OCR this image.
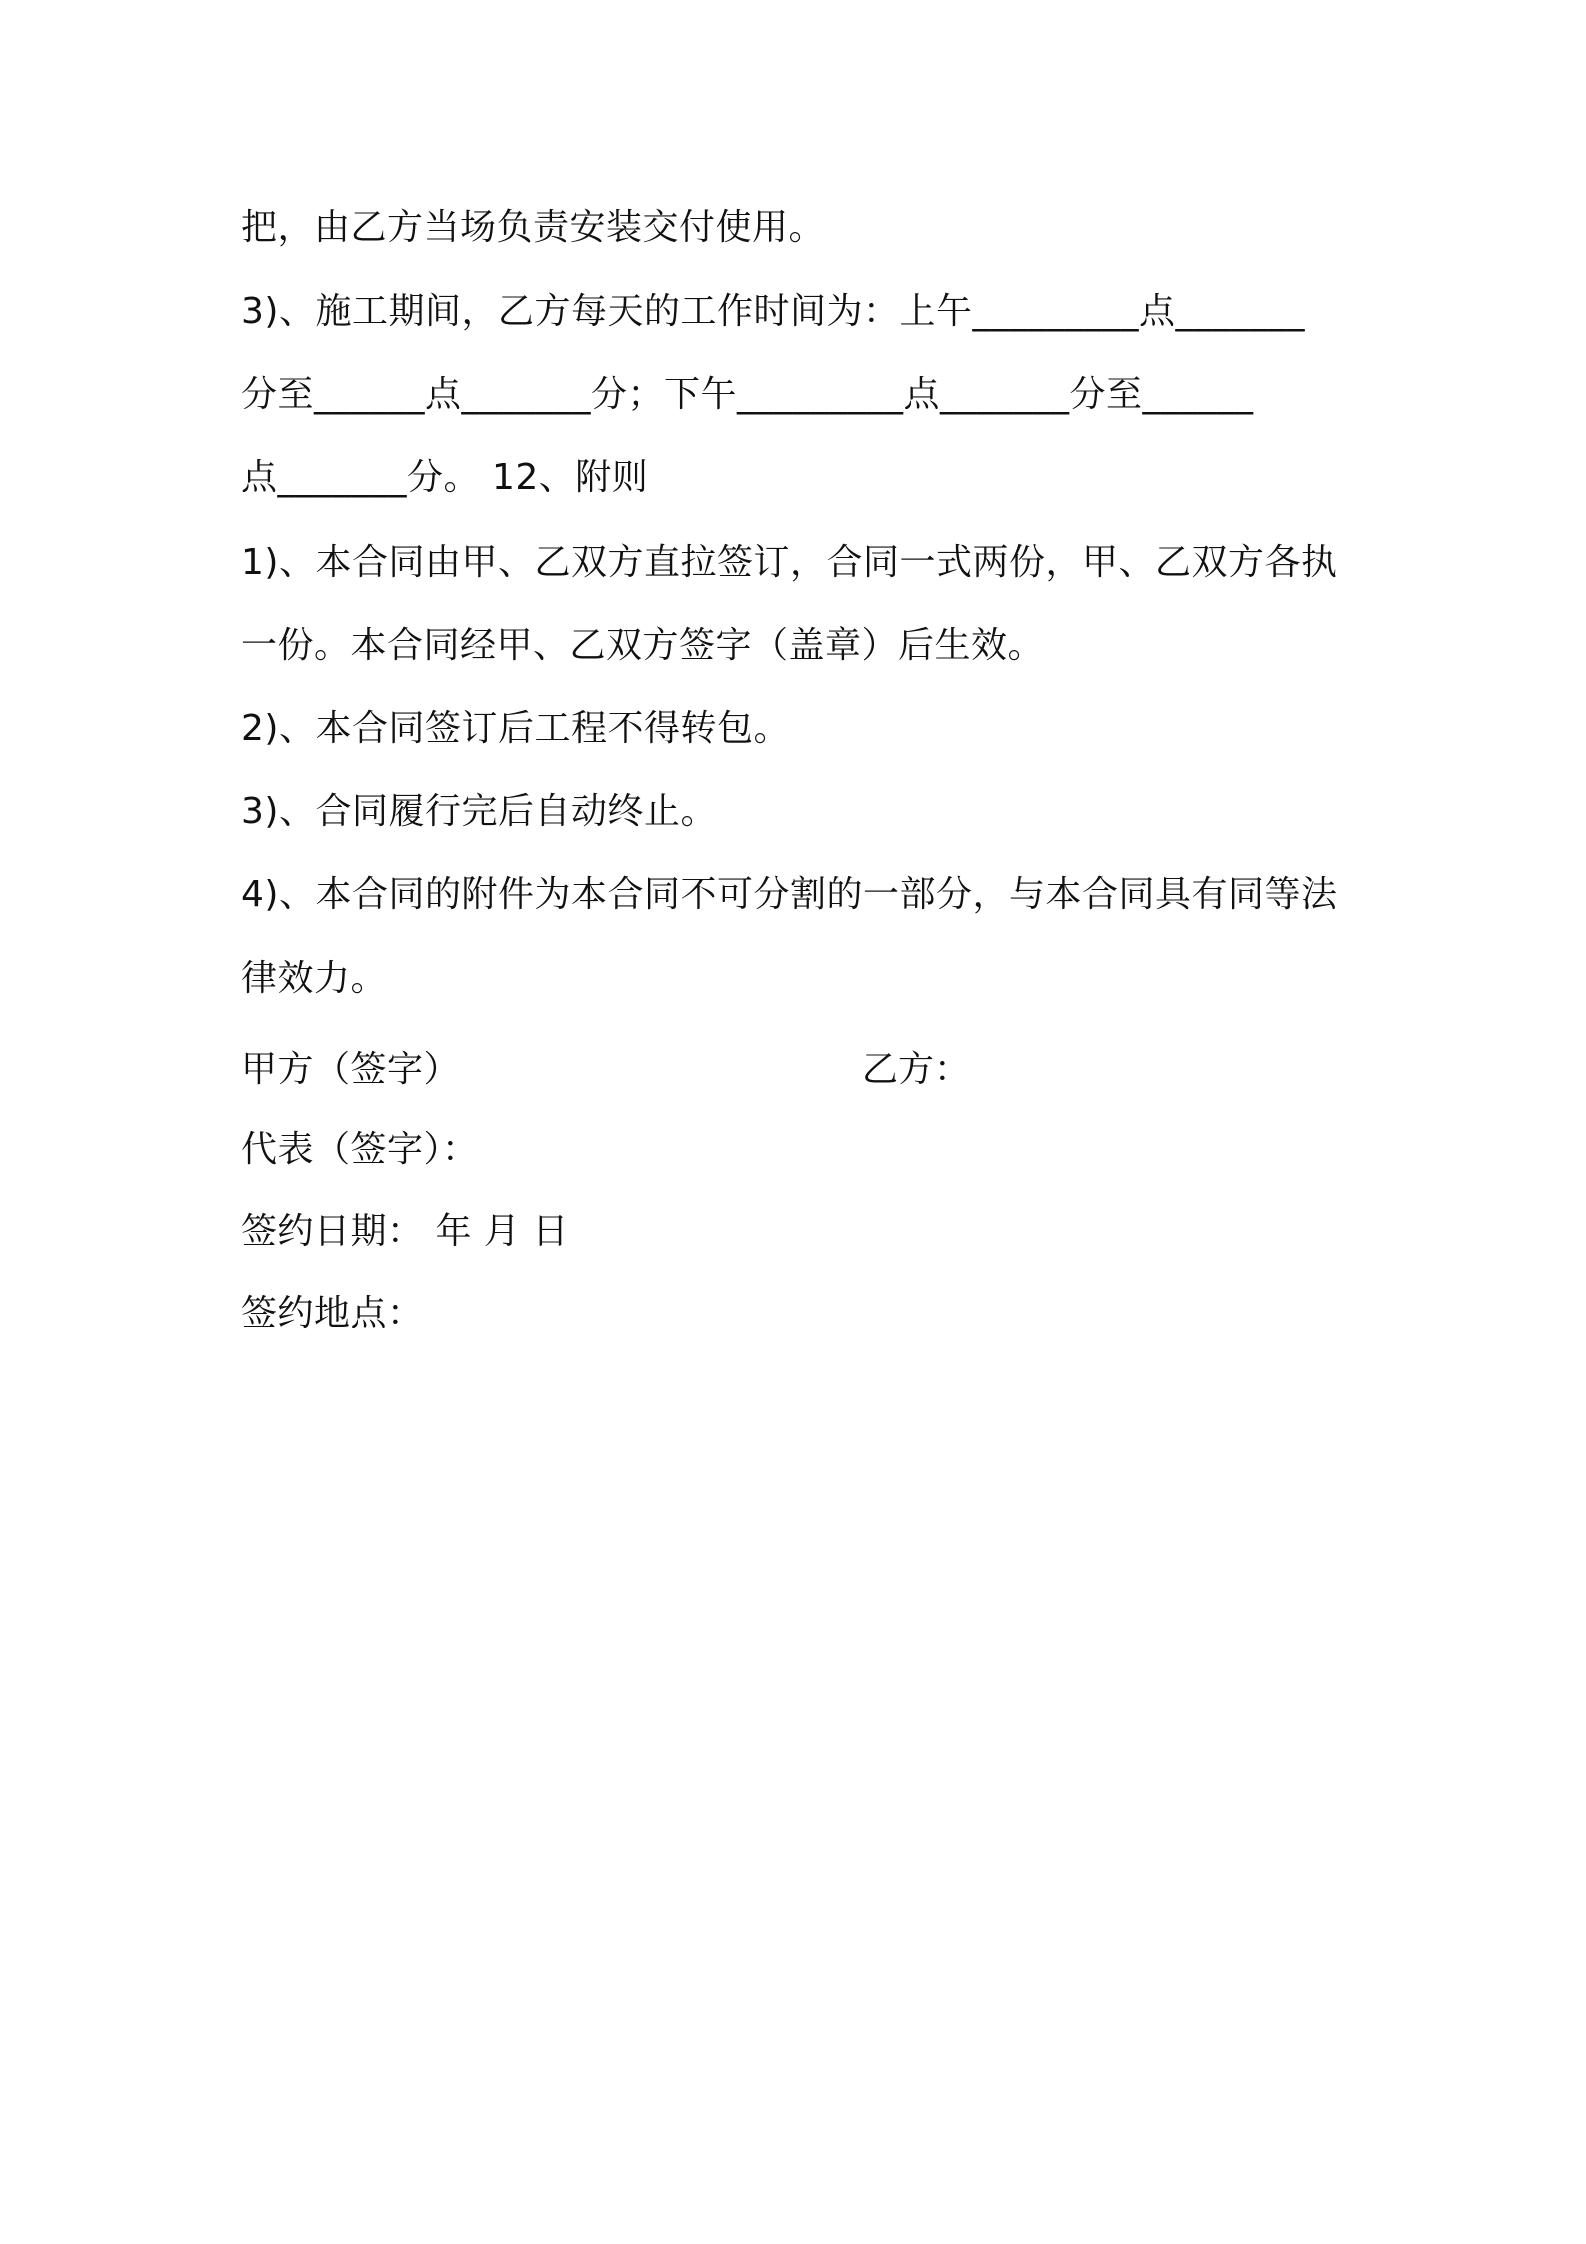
把，由乙方当场负责安装交付使用。
3)、施工期间，乙方每天的工作时间为：上午_________点_______
分至______点_______分；下午_________点_______分至______
点_______分。 12、附则
1)、本合同由甲、乙双方直拉签订，合同一式两份，甲、乙双方各执
一份。本合同经甲、乙双方签字（盖章）后生效。
2)、本合同签订后工程不得转包。
3)、合同履行完后自动终止。
4)、本合同的附件为本合同不可分割的一部分，与本合同具有同等法
律效力。
甲方（签字）	乙方：
代表（签字）：
签约日期： 年 月 日
签约地点：
